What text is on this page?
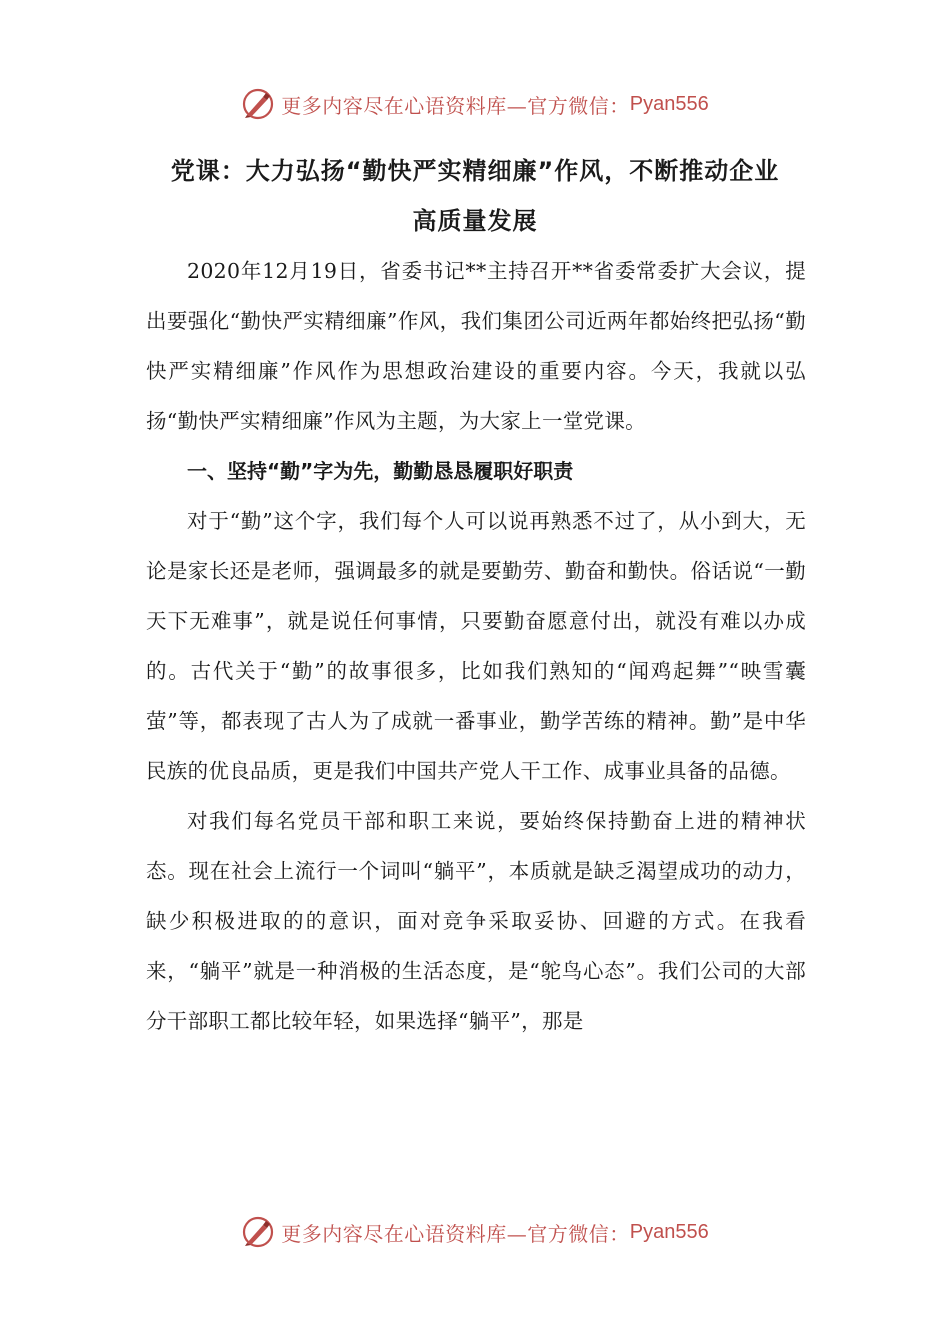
更多内容尽在心语资料库—官方微信： Pyan556
党课：大力弘扬“勤快严实精细廉”作风，不断推动企业
高质量发展

2020年12月19日，省委书记**主持召开**省委常委扩大会议，提出要强化“勤快严实精细廉”作风，我们集团公司近两年都始终把弘扬“勤快严实精细廉”作风作为思想政治建设的重要内容。今天，我就以弘扬“勤快严实精细廉”作风为主题，为大家上一堂党课。

一、坚持“勤”字为先，勤勤恳恳履职好职责

对于“勤”这个字，我们每个人可以说再熟悉不过了，从小到大，无论是家长还是老师，强调最多的就是要勤劳、勤奋和勤快。俗话说“一勤天下无难事”，就是说任何事情，只要勤奋愿意付出，就没有难以办成的。古代关于“勤”的故事很多，比如我们熟知的“闻鸡起舞”“映雪囊萤”等，都表现了古人为了成就一番事业，勤学苦练的精神。勤”是中华民族的优良品质，更是我们中国共产党人干工作、成事业具备的品德。

对我们每名党员干部和职工来说，要始终保持勤奋上进的精神状态。现在社会上流行一个词叫“躺平”，本质就是缺乏渴望成功的动力，缺少积极进取的的意识，面对竞争采取妥协、回避的方式。在我看来，“躺平”就是一种消极的生活态度，是“鸵鸟心态”。我们公司的大部分干部职工都比较年轻，如果选择“躺平”，那是

更多内容尽在心语资料库—官方微信： Pyan556
